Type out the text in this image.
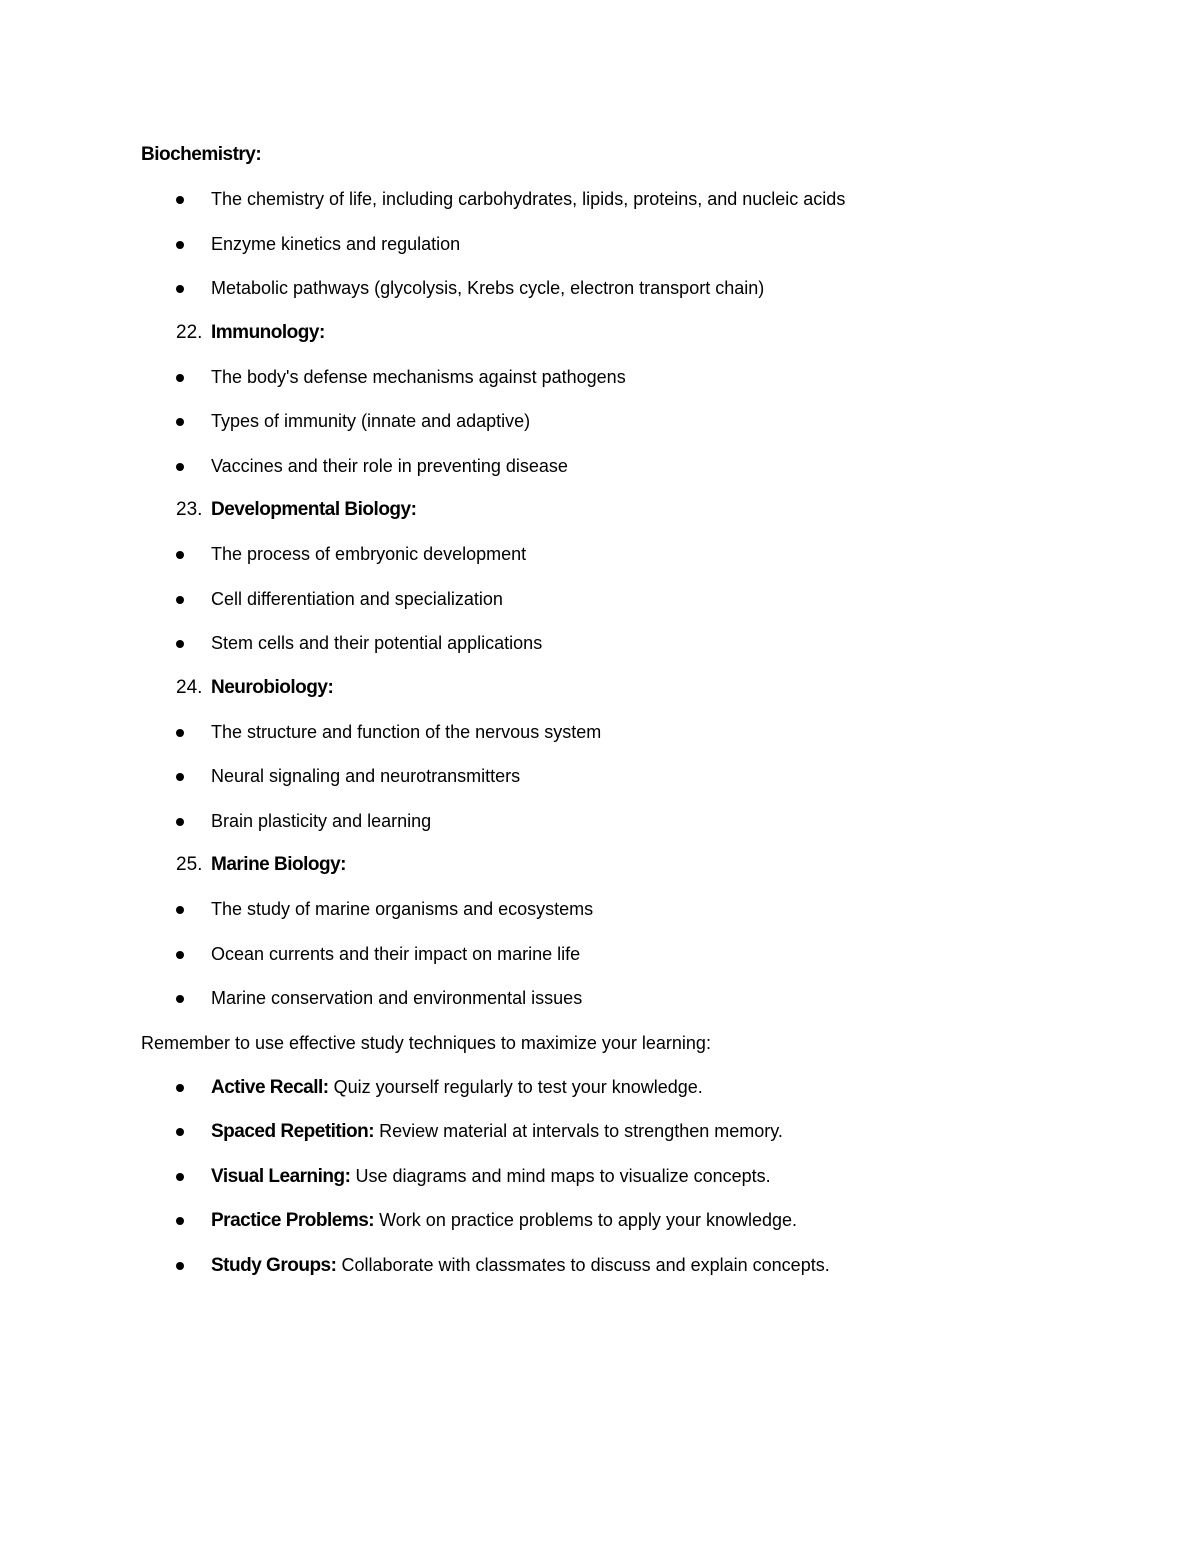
Biochemistry:
The chemistry of life, including carbohydrates, lipids, proteins, and nucleic acids
Enzyme kinetics and regulation
Metabolic pathways (glycolysis, Krebs cycle, electron transport chain)
22. Immunology:
The body's defense mechanisms against pathogens
Types of immunity (innate and adaptive)
Vaccines and their role in preventing disease
23. Developmental Biology:
The process of embryonic development
Cell differentiation and specialization
Stem cells and their potential applications
24. Neurobiology:
The structure and function of the nervous system
Neural signaling and neurotransmitters
Brain plasticity and learning
25. Marine Biology:
The study of marine organisms and ecosystems
Ocean currents and their impact on marine life
Marine conservation and environmental issues
Remember to use effective study techniques to maximize your learning:
Active Recall: Quiz yourself regularly to test your knowledge.
Spaced Repetition: Review material at intervals to strengthen memory.
Visual Learning: Use diagrams and mind maps to visualize concepts.
Practice Problems: Work on practice problems to apply your knowledge.
Study Groups: Collaborate with classmates to discuss and explain concepts.
